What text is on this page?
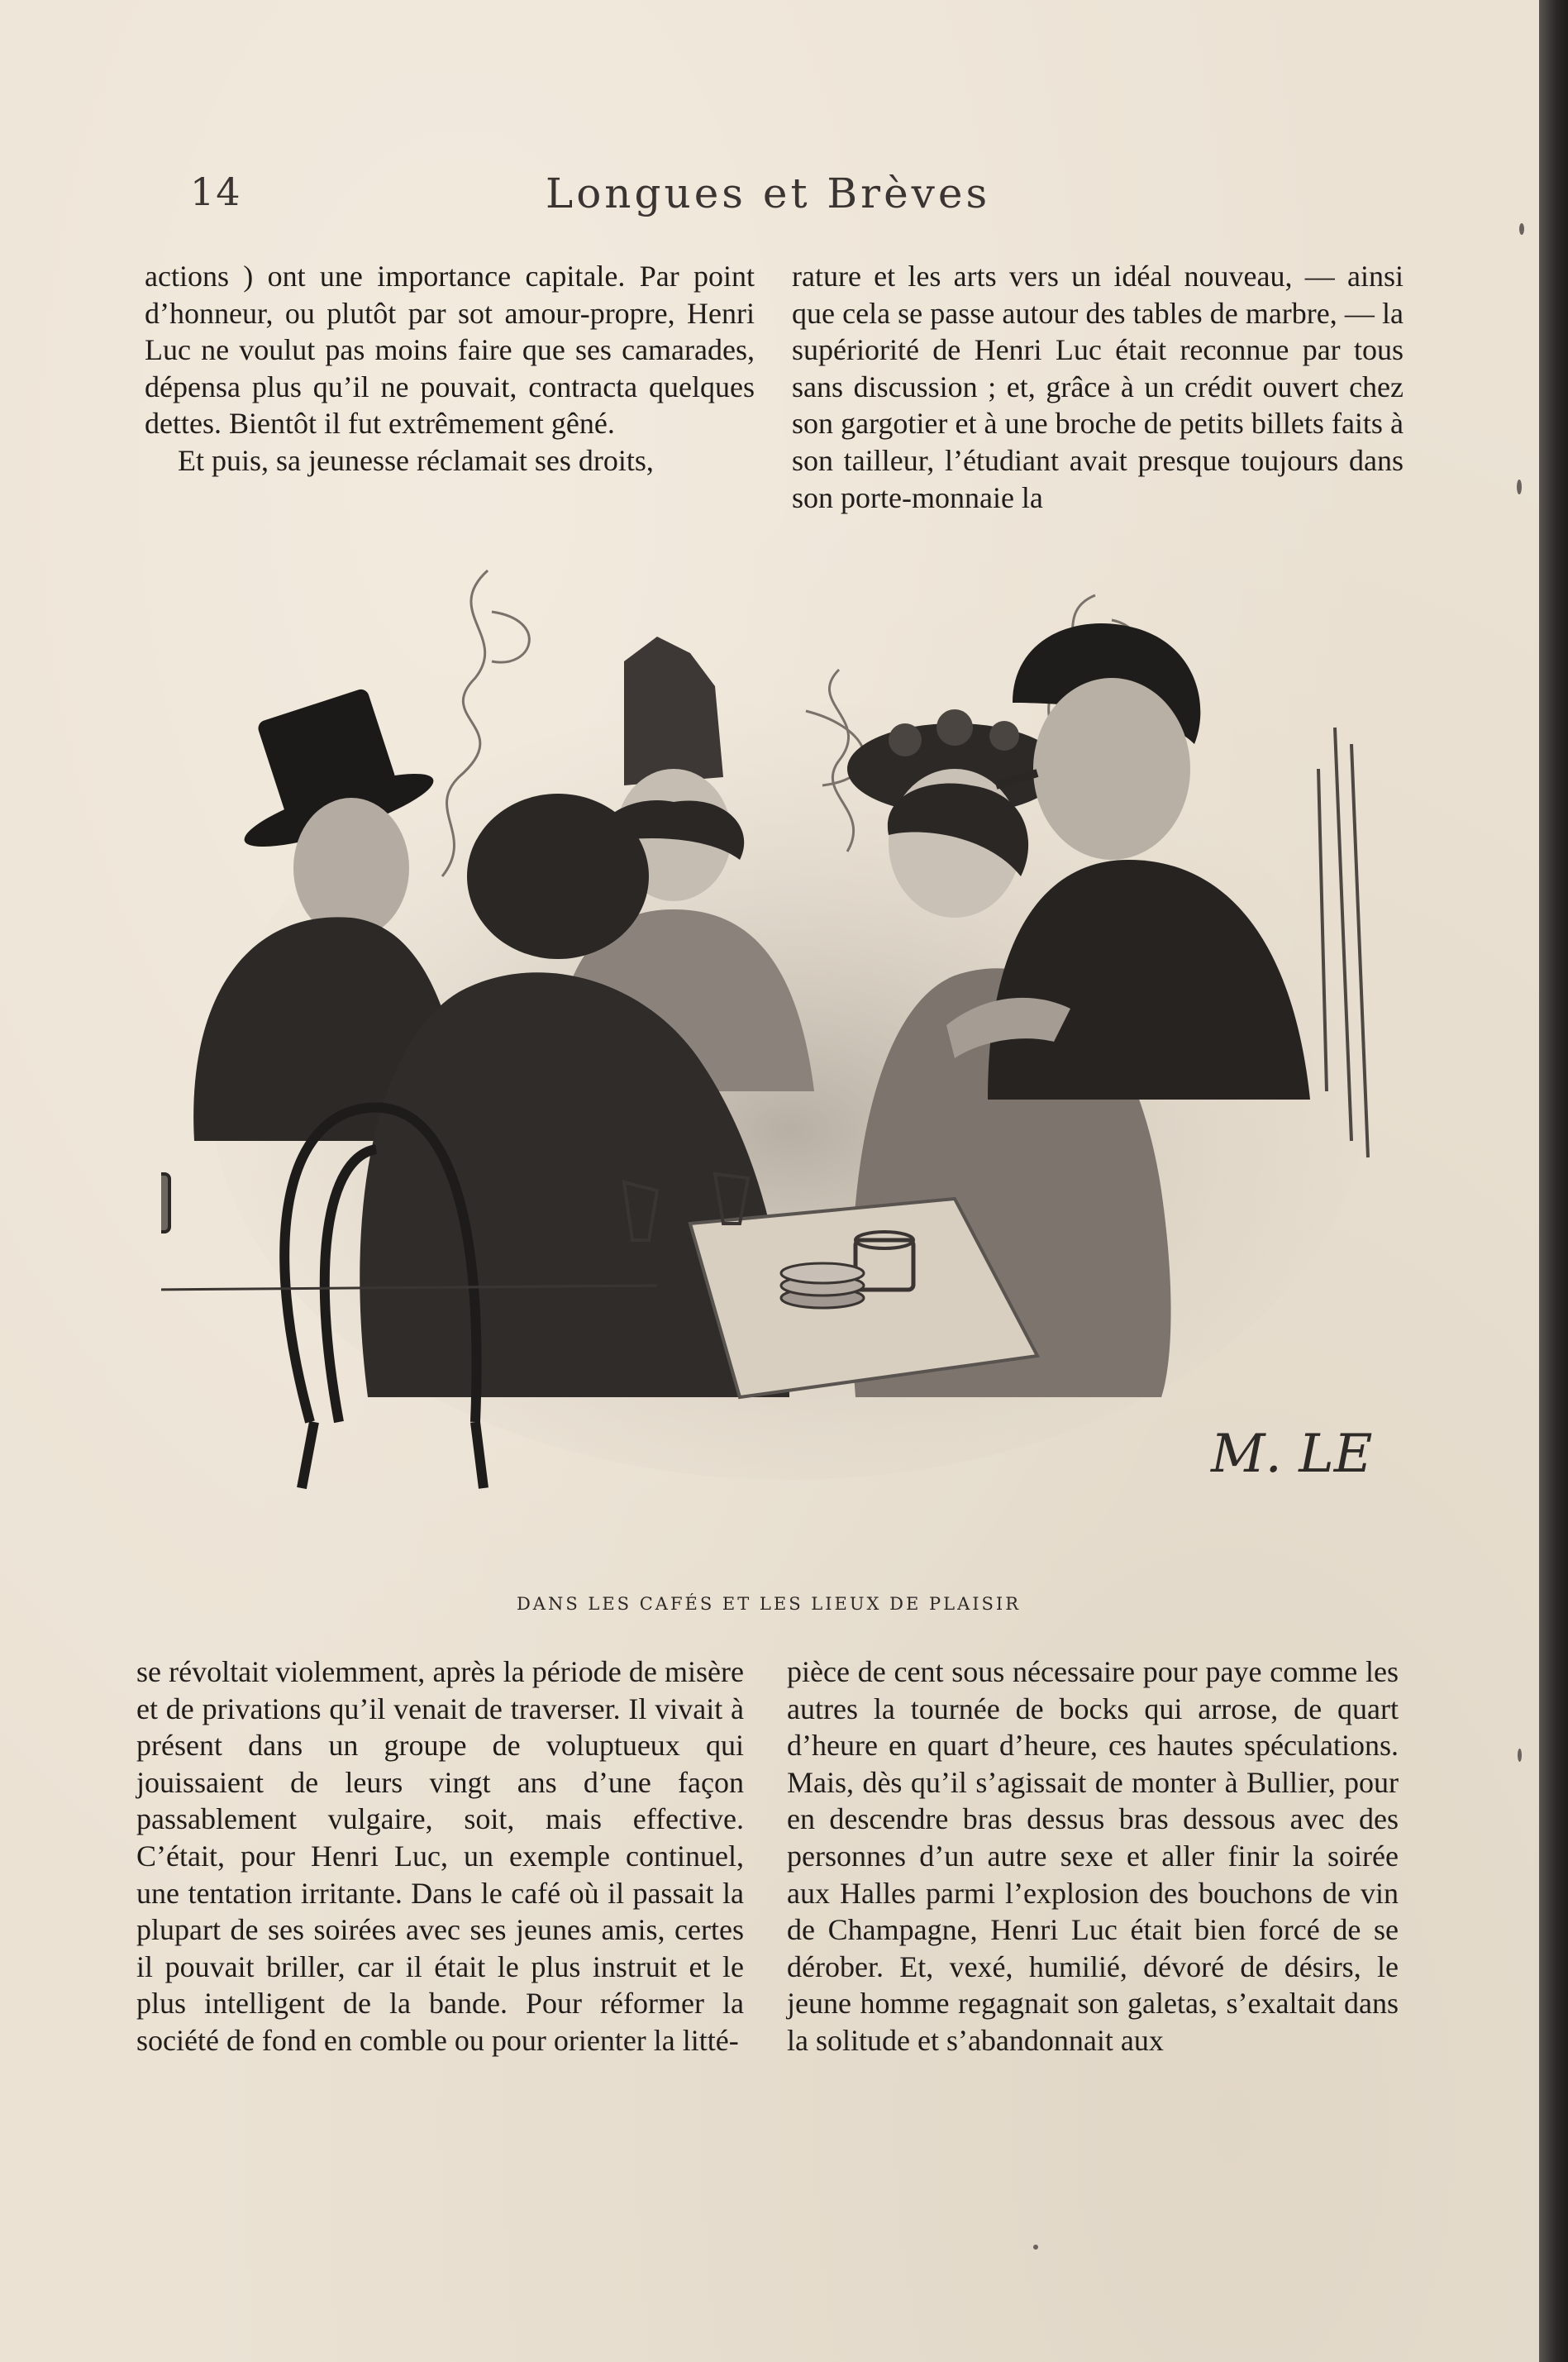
14	Longues et Brèves

actions ) ont une importance capitale. Par point d’honneur, ou plutôt par sot amour-propre, Henri Luc ne voulut pas moins faire que ses camarades, dépensa plus qu’il ne pouvait, contracta quelques dettes. Bientôt il fut extrêmement gêné.

Et puis, sa jeunesse réclamait ses droits,

rature et les arts vers un idéal nouveau, — ainsi que cela se passe autour des tables de marbre, — la supériorité de Henri Luc était reconnue par tous sans discussion ; et, grâce à un crédit ouvert chez son gargotier et à une broche de petits billets faits à son tailleur, l’étudiant avait presque toujours dans son porte-monnaie la

M. LE
DANS LES CAFÉS ET LES LIEUX DE PLAISIR

se révoltait violemment, après la période de misère et de privations qu’il venait de traverser. Il vivait à présent dans un groupe de voluptueux qui jouissaient de leurs vingt ans d’une façon passablement vulgaire, soit, mais effective. C’était, pour Henri Luc, un exemple continuel, une tentation irritante. Dans le café où il passait la plupart de ses soirées avec ses jeunes amis, certes il pouvait briller, car il était le plus instruit et le plus intelligent de la bande. Pour réformer la société de fond en comble ou pour orienter la litté-

pièce de cent sous nécessaire pour paye comme les autres la tournée de bocks qui arrose, de quart d’heure en quart d’heure, ces hautes spéculations. Mais, dès qu’il s’agissait de monter à Bullier, pour en descendre bras dessus bras dessous avec des personnes d’un autre sexe et aller finir la soirée aux Halles parmi l’explosion des bouchons de vin de Champagne, Henri Luc était bien forcé de se dérober. Et, vexé, humilié, dévoré de désirs, le jeune homme regagnait son galetas, s’exaltait dans la solitude et s’abandonnait aux
